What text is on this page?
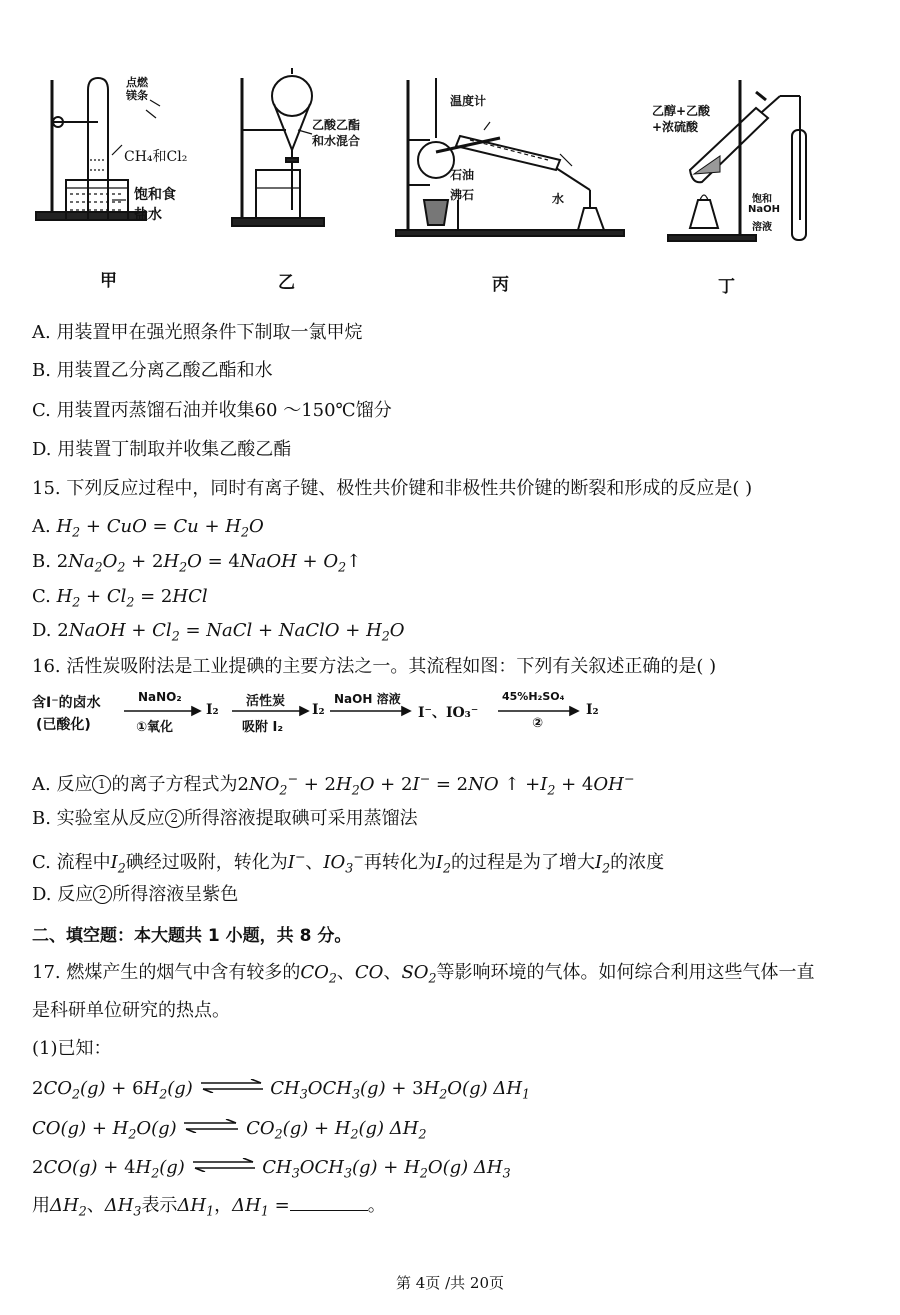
点燃镁条
CH₄和Cl₂
饱和食
盐水
乙酸乙酯
和水混合
温度计
石油
沸石	水
乙醇+乙酸
+浓硫酸
饱和
NaOH
溶液
甲	乙	丙	丁
A. 用装置甲在强光照条件下制取一氯甲烷
B. 用装置乙分离乙酸乙酯和水
C. 用装置丙蒸馏石油并收集60 ～150℃馏分
D. 用装置丁制取并收集乙酸乙酯
15. 下列反应过程中，同时有离子键、极性共价键和非极性共价键的断裂和形成的反应是( )
A. $H_2$ + CuO = $Cu + H_2O$
B. $2Na_2O_2 + 2H_2O$ = 4NaOH + $O_2↑$
C. $H_2 + Cl_2 = 2HCl$
D. 2NaOH + $Cl_2$ = NaCl + NaClO + $H_2O$
16. 活性炭吸附法是工业提碘的主要方法之一。其流程如图：下列有关叙述正确的是( )
含I⁻的卤水
(已酸化)
NaNO₂
①氧化
I₂
活性炭
吸附 I₂
I₂
NaOH 溶液
I⁻、IO₃⁻
45%H₂SO₄
②
I₂
A. 反应 1 的离子方程式为$2NO_2^- + 2H_2O + 2I^- = 2NO$ ↑ $+I_2 + 4OH^-$
B. 实验室从反应 2 所得溶液提取碘可采用蒸馏法
C. 流程中$I_2$碘经过吸附，转化为I−、$IO_3^-$再转化为$I_2$的过程是为了增大$I_2$的浓度
D. 反应 2 所得溶液呈紫色
二、填空题：本大题共 1 小题，共 8 分。
17. 燃煤产生的烟气中含有较多的$CO_2$、CO、$SO_2$等影响环境的气体。如何综合利用这些气体一直
是科研单位研究的热点。
(1)已知：
$2CO_2(g) + 6H_2(g)$ ⇌ $CH_3OCH_3(g) + 3H_2O(g)$ $\Delta H_1$
$CO(g) + H_2O(g)$ ⇌ $CO_2(g) + H_2(g)$ $\Delta H_2$
$2CO(g) + 4H_2(g)$ ⇌ $CH_3OCH_3(g) + H_2O(g)$ $\Delta H_3$
用$\Delta H_2$、$\Delta H_3$表示$\Delta H_1$，$\Delta H_1$ =	。
第 4页 /共 20页
